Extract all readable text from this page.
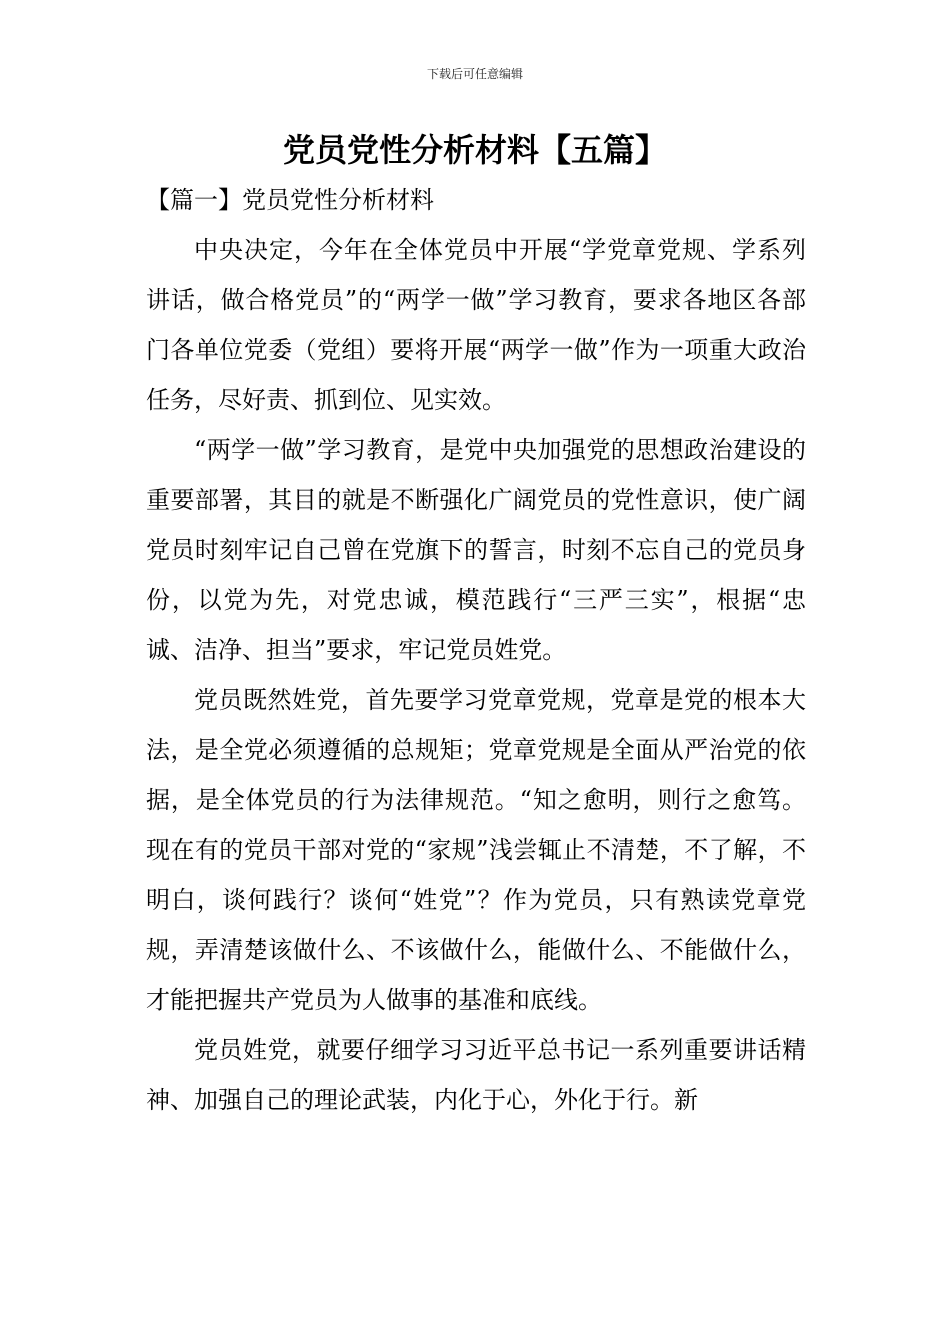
下载后可任意编辑
党员党性分析材料【五篇】
【篇一】党员党性分析材料

中央决定，今年在全体党员中开展“学党章党规、学系列讲话，做合格党员”的“两学一做”学习教育，要求各地区各部门各单位党委（党组）要将开展“两学一做”作为一项重大政治任务，尽好责、抓到位、见实效。

“两学一做”学习教育，是党中央加强党的思想政治建设的重要部署，其目的就是不断强化广阔党员的党性意识，使广阔党员时刻牢记自己曾在党旗下的誓言，时刻不忘自己的党员身份，以党为先，对党忠诚，模范践行“三严三实”，根据“忠诚、洁净、担当”要求，牢记党员姓党。

党员既然姓党，首先要学习党章党规，党章是党的根本大法，是全党必须遵循的总规矩；党章党规是全面从严治党的依据，是全体党员的行为法律规范。“知之愈明，则行之愈笃。现在有的党员干部对党的“家规”浅尝辄止不清楚，不了解，不明白，谈何践行？谈何“姓党”？作为党员，只有熟读党章党规，弄清楚该做什么、不该做什么，能做什么、不能做什么，才能把握共产党员为人做事的基准和底线。

党员姓党，就要仔细学习习近平总书记一系列重要讲话精神、加强自己的理论武装，内化于心，外化于行。新
